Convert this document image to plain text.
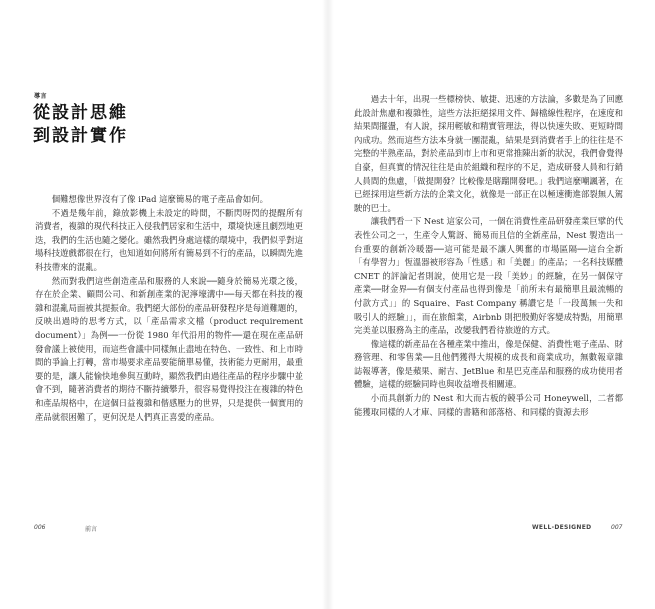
導言
從設計思維
到設計實作

個難想像世界沒有了像 iPad 這麼簡易的電子產品會如何。

不過是幾年前，錄放影機上未設定的時間，不斷閃呀閃的提醒所有消費者，複雜的現代科技正入侵我們居家和生活中，環境快速且劇烈地更迭，我們的生活也隨之變化。雖然我們身處這樣的環境中，我們似乎對這場科技遊戲都很在行，也知道如何將所有簡易到不行的產品，以瞬間先進科技帶來的混亂。

然而對我們這些創造產品和服務的人來說──隨身於簡易光環之後，存在於企業、顧問公司、和新創產業的泥濘壕溝中──每天都在科技的複雜和混亂局面被其提振命。我們絕大部份的產品研發程序是每道難題的，反映出過時的思考方式，以「產品需求文檔（product requirement document）」為例──一份從 1980 年代沿用的物件──還在現在產品研發會議上被使用，而這些會議中同樣無止盡地在特色、一致性、和上市時間的爭論上打轉，當市場要求產品要能簡單易懂，技術能力更耐用，最重要的是，讓人能愉快地參與互動時，顯然我們由過往產品的程序步驟中並會不到，隨著消費者的期待不斷持續攀升，很容易覺得投注在複雜的特色和產品規格中，在這個日益複雜和偕感壓力的世界，只是提供一個實用的產品就很困難了，更何況是人們真正喜愛的產品。

006	前言

過去十年，出現一些標榜快、敏捷、迅速的方法論，多數是為了回應此設計焦慮和複雜性，這些方法拒絕採用文件、歸檔線性程序，在速度和結果間擺盪，有人說，採用輕敏和精實管理法，得以快速失敗、更短時間內成功。然而這些方法本身就一團混亂，結果是到消費者手上的往往是不完整的半熟產品，對於產品到市上市和更常推陳出新的狀況，我們會覺得自豪，但真實的情況往往是由於組織和程序的不足，造成研發人員和行銷人員間的焦慮，「做提開發？比較像是瞎蹓開發吧。」我們這麼嘲諷著，在已經採用這些新方法的企業文化，就像是一部正在以極速衝進部裂無人駕駛的巴士。

讓我們看一下 Nest 這家公司，一個在消費性產品研發產業巨擘的代表性公司之一，生產令人驚訝、簡易而且信的全新產品，Nest 製造出一台重要的創新冷暖器──這可能是最不讓人興奮的市場區隔──這台全新「有學習力」恆溫器被形容為「性感」和「美麗」的產品；一名科技媒體 CNET 的評論記者則說，使用它是一段「美妙」的經驗，在另一個保守產業──財金界──有個支付產品也得到像是「前所未有最簡單且最流暢的付款方式」」的 Squaire、Fast Company 稱讚它是「一段萬無一失和吸引人的經驗」」，而在旅館業，Airbnb 則把殷勤好客變成特點，用簡單完美並以服務為主的產品，改變我們看待旅遊的方式。

像這樣的新產品在各種產業中推出，像是保健、消費性電子產品、財務管理、和零售業──且他們獲得大規模的成長和商業成功，無數報章雜誌報導著，像是蘋果、耐吉、JetBlue 和星巴克產品和服務的成功使用者體驗，這樣的經驗同時也與收益增長相關連。

小而具創新力的 Nest 和大而古板的競爭公司 Honeywell，二者都能獲取同樣的人才庫、同樣的書籍和部落格、和同樣的資源去形

WELL-DESIGNED	007
